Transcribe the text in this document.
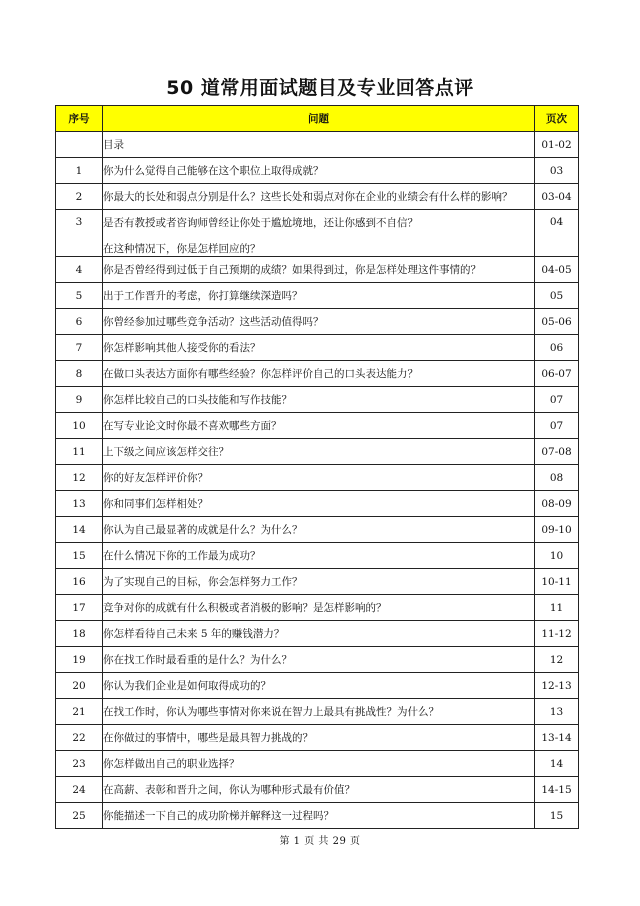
50 道常用面试题目及专业回答点评
序号	问题	页次

	目录	01-02
1	你为什么觉得自己能够在这个职位上取得成就？	03
2	你最大的长处和弱点分别是什么？这些长处和弱点对你在企业的业绩会有什么样的影响？	03-04
3	是否有教授或者咨询师曾经让你处于尴尬境地，还让你感到不自信？
在这种情况下，你是怎样回应的？	04
4	你是否曾经得到过低于自己预期的成绩？如果得到过，你是怎样处理这件事情的？	04-05
5	出于工作晋升的考虑，你打算继续深造吗？	05
6	你曾经参加过哪些竞争活动？这些活动值得吗？	05-06
7	你怎样影响其他人接受你的看法？	06
8	在做口头表达方面你有哪些经验？你怎样评价自己的口头表达能力？	06-07
9	你怎样比较自己的口头技能和写作技能？	07
10	在写专业论文时你最不喜欢哪些方面？	07
11	上下级之间应该怎样交往？	07-08
12	你的好友怎样评价你？	08
13	你和同事们怎样相处？	08-09
14	你认为自己最显著的成就是什么？为什么？	09-10
15	在什么情况下你的工作最为成功？	10
16	为了实现自己的目标，你会怎样努力工作？	10-11
17	竞争对你的成就有什么积极或者消极的影响？是怎样影响的？	11
18	你怎样看待自己未来 5 年的赚钱潜力？	11-12
19	你在找工作时最看重的是什么？为什么？	12
20	你认为我们企业是如何取得成功的？	12-13
21	在找工作时，你认为哪些事情对你来说在智力上最具有挑战性？为什么？	13
22	在你做过的事情中，哪些是最具智力挑战的？	13-14
23	你怎样做出自己的职业选择？	14
24	在高薪、表彰和晋升之间，你认为哪种形式最有价值？	14-15
25	你能描述一下自己的成功阶梯并解释这一过程吗？	15
第 1 页 共 29 页
